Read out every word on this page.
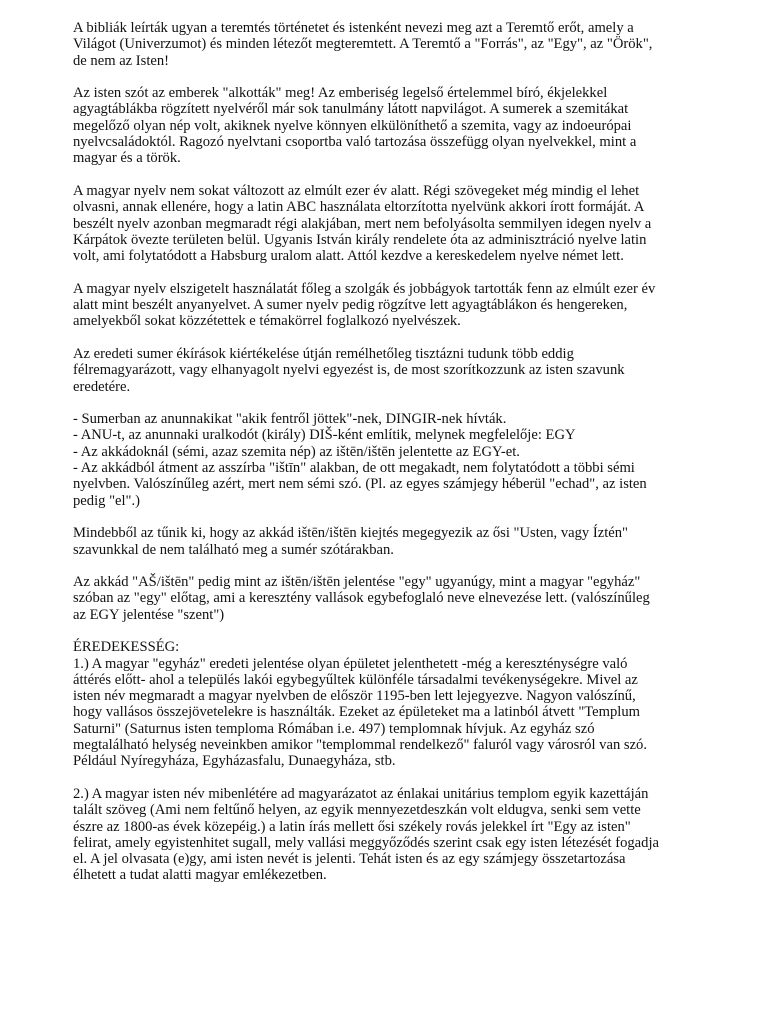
A bibliák leírták ugyan a teremtés történetet és istenként nevezi meg azt a Teremtő erőt, amely a
Világot (Univerzumot) és minden létezőt megteremtett. A Teremtő a "Forrás", az "Egy", az "Örök",
de nem az Isten!

Az isten szót az emberek "alkották" meg! Az emberiség legelső értelemmel bíró, ékjelekkel
agyagtáblákba rögzített nyelvéről már sok tanulmány látott napvilágot. A sumerek a szemitákat
megelőző olyan nép volt, akiknek nyelve könnyen elkülöníthető a szemita, vagy az indoeurópai
nyelvcsaládoktól. Ragozó nyelvtani csoportba való tartozása összefügg olyan nyelvekkel, mint a
magyar és a török.

A magyar nyelv nem sokat változott az elmúlt ezer év alatt. Régi szövegeket még mindig el lehet
olvasni, annak ellenére, hogy a latin ABC használata eltorzította nyelvünk akkori írott formáját. A
beszélt nyelv azonban megmaradt régi alakjában, mert nem befolyásolta semmilyen idegen nyelv a
Kárpátok övezte területen belül. Ugyanis István király rendelete óta az adminisztráció nyelve latin
volt, ami folytatódott a Habsburg uralom alatt. Attól kezdve a kereskedelem nyelve német lett.

A magyar nyelv elszigetelt használatát főleg a szolgák és jobbágyok tartották fenn az elmúlt ezer év
alatt mint beszélt anyanyelvet. A sumer nyelv pedig rögzítve lett agyagtáblákon és hengereken,
amelyekből sokat közzétettek e témakörrel foglalkozó nyelvészek.

Az eredeti sumer ékírások kiértékelése útján remélhetőleg tisztázni tudunk több eddig
félremagyarázott, vagy elhanyagolt nyelvi egyezést is, de most szorítkozzunk az isten szavunk
eredetére.

- Sumerban az anunnakikat "akik fentről jöttek"-nek, DINGIR-nek hívták.
- ANU-t, az anunnaki uralkodót (király) DIŠ-ként említik, melynek megfelelője: EGY
- Az akkádoknál (sémi, azaz szemita nép) az ištēn/ištēn jelentette az EGY-et.
- Az akkádból átment az asszírba "ištīn" alakban, de ott megakadt, nem folytatódott a többi sémi
nyelvben. Valószínűleg azért, mert nem sémi szó. (Pl. az egyes számjegy héberül "echad", az isten
pedig "el".)

Mindebből az tűnik ki, hogy az akkád ištēn/ištēn kiejtés megegyezik az ősi "Usten, vagy Íztén"
szavunkkal de nem található meg a sumér szótárakban.

Az akkád "AŠ/ištēn" pedig mint az ištēn/ištēn jelentése "egy" ugyanúgy, mint a magyar "egyház"
szóban az "egy" előtag, ami a keresztény vallások egybefoglaló neve elnevezése lett. (valószínűleg
az EGY jelentése "szent")

ÉREDEKESSÉG:
1.) A magyar "egyház" eredeti jelentése olyan épületet jelenthetett -még a kereszténységre való
áttérés előtt- ahol a település lakói egybegyűltek különféle társadalmi tevékenységekre. Mivel az
isten név megmaradt a magyar nyelvben de először 1195-ben lett lejegyezve. Nagyon valószínű,
hogy vallásos összejövetelekre is használták. Ezeket az épületeket ma a latinból átvett "Templum
Saturni" (Saturnus isten temploma Rómában i.e. 497) templomnak hívjuk. Az egyház szó
megtalálható helység neveinkben amikor "templommal rendelkező" faluról vagy városról van szó.
Például Nyíregyháza, Egyházasfalu, Dunaegyháza, stb.

2.) A magyar isten név mibenlétére ad magyarázatot az énlakai unitárius templom egyik kazettáján
talált szöveg (Ami nem feltűnő helyen, az egyik mennyezetdeszkán volt eldugva, senki sem vette
észre az 1800-as évek közepéig.) a latin írás mellett ősi székely rovás jelekkel írt "Egy az isten"
felirat, amely egyistenhitet sugall, mely vallási meggyőződés szerint csak egy isten létezését fogadja
el. A jel olvasata (e)gy, ami isten nevét is jelenti. Tehát isten és az egy számjegy összetartozása
élhetett a tudat alatti magyar emlékezetben.
